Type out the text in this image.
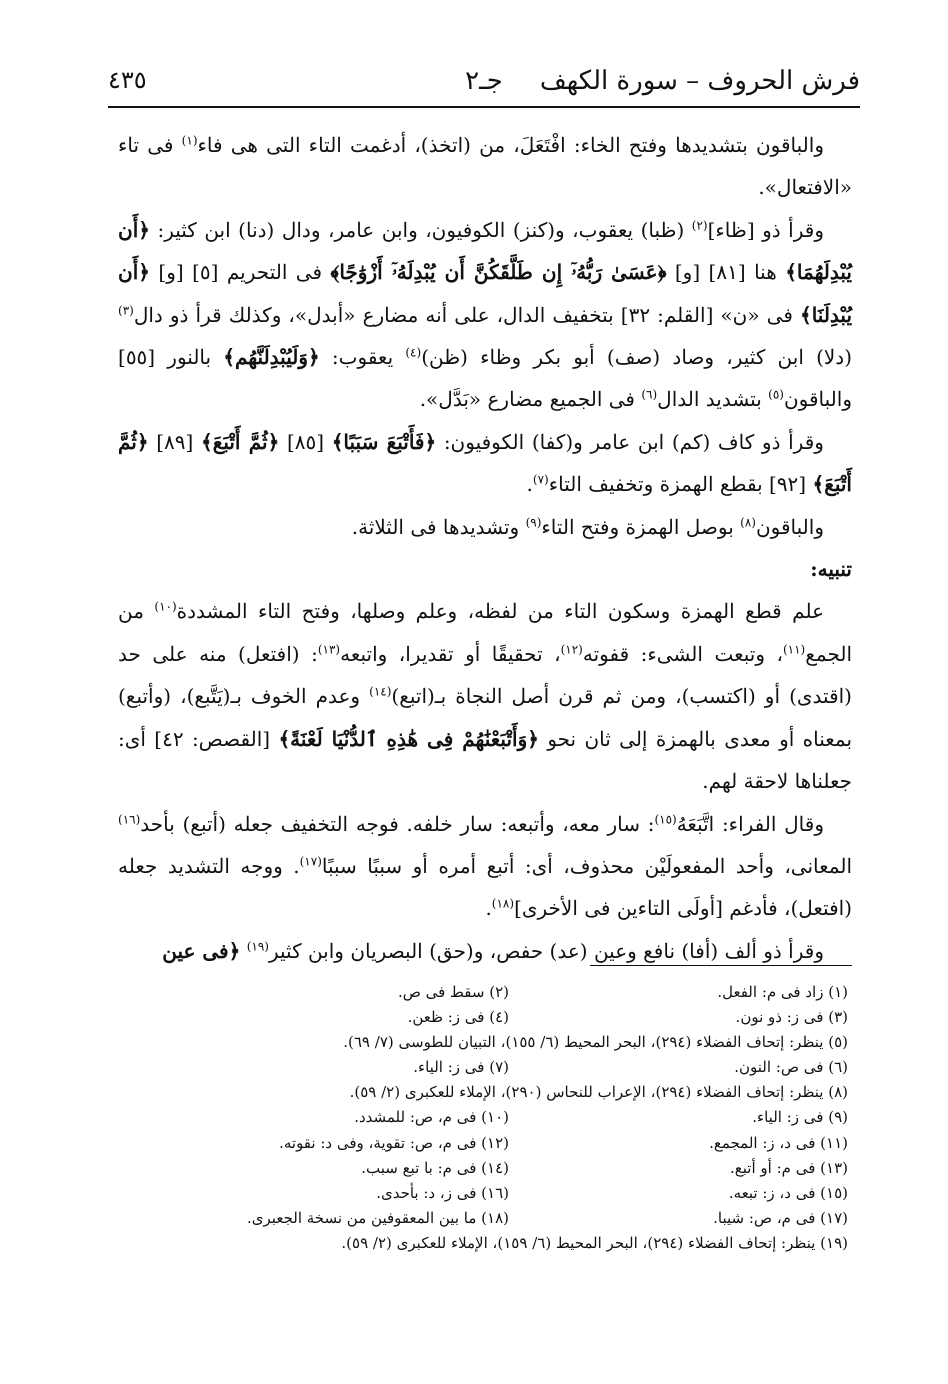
فرش الحروف – سورة الكهف
جـ٢
٤٣٥

والباقون بتشديدها وفتح الخاء: افْتَعَلَ، من (اتخذ)، أدغمت التاء التى هى فاء$^{(١)}$ فى تاء «الافتعال».

وقرأ ذو [ظاء]$^{(٢)}$ (ظبا) يعقوب، و(كنز) الكوفيون، وابن عامر، ودال (دنا) ابن كثير: ﴿أَن يُبْدِلَهُمَا﴾ هنا [٨١] [و] ﴿عَسَىٰ رَبُّهُۥٓ إِن طَلَّقَكُنَّ أَن يُبْدِلَهُۥٓ أَزْوَٰجًا﴾ فى التحريم [٥] [و] ﴿أَن يُبْدِلَنَا﴾ فى «ن» [القلم: ٣٢] بتخفيف الدال، على أنه مضارع «أبدل»، وكذلك قرأ ذو دال$^{(٣)}$ (دلا) ابن كثير، وصاد (صف) أبو بكر وظاء (ظن)$^{(٤)}$ يعقوب: ﴿وَلَيُبْدِلَنَّهُم﴾ بالنور [٥٥] والباقون$^{(٥)}$ بتشديد الدال$^{(٦)}$ فى الجميع مضارع «بَدَّل».

وقرأ ذو كاف (كم) ابن عامر و(كفا) الكوفيون: ﴿فَأَتْبَعَ سَبَبًا﴾ [٨٥] ﴿ثُمَّ أَتْبَعَ﴾ [٨٩] ﴿ثُمَّ أَتْبَعَ﴾ [٩٢] بقطع الهمزة وتخفيف التاء$^{(٧)}$.

والباقون$^{(٨)}$ بوصل الهمزة وفتح التاء$^{(٩)}$ وتشديدها فى الثلاثة.

تنبيه:

علم قطع الهمزة وسكون التاء من لفظه، وعلم وصلها، وفتح التاء المشددة$^{(١٠)}$ من الجمع$^{(١١)}$، وتبعت الشىء: قفوته$^{(١٢)}$، تحقيقًا أو تقديرا، واتبعه$^{(١٣)}$: (افتعل) منه على حد (اقتدى) أو (اكتسب)، ومن ثم قرن أصل النجاة بـ(اتبع)$^{(١٤)}$ وعدم الخوف بـ(يَتَّبع)، (وأتبع) بمعناه أو معدى بالهمزة إلى ثان نحو ﴿وَأَتْبَعْنَٰهُمْ فِى هَٰذِهِ ٱلدُّنْيَا لَعْنَةً﴾ [القصص: ٤٢] أى: جعلناها لاحقة لهم.

وقال الفراء: اتَّبَعَهُ$^{(١٥)}$: سار معه، وأتبعه: سار خلفه. فوجه التخفيف جعله (أتبع) بأحد$^{(١٦)}$ المعانى، وأحد المفعولَيْن محذوف، أى: أتبع أمره أو سببًا سببًا$^{(١٧)}$. ووجه التشديد جعله (افتعل)، فأدغم [أولَى التاءين فى الأخرى]$^{(١٨)}$.

وقرأ ذو ألف (أفا) نافع وعين (عد) حفص، و(حق) البصريان وابن كثير$^{(١٩)}$ ﴿فى عين

(١) زاد فى م: الفعل.
(٢) سقط فى ص.
(٣) فى ز: ذو نون.
(٤) فى ز: ظعن.
(٥) ينظر: إتحاف الفضلاء (٢٩٤)، البحر المحيط (٦/ ١٥٥)، التبيان للطوسى (٧/ ٦٩).
(٦) فى ص: النون.
(٧) فى ز: الياء.
(٨) ينظر: إتحاف الفضلاء (٢٩٤)، الإعراب للنحاس (٢٩٠)، الإملاء للعكبرى (٢/ ٥٩).
(٩) فى ز: الياء.
(١٠) فى م، ص: للمشدد.
(١١) فى د، ز: المجمع.
(١٢) فى م، ص: تقوية، وفى د: نقوته.
(١٣) فى م: أو أتبع.
(١٤) فى م: با تبع سبب.
(١٥) فى د، ز: تبعه.
(١٦) فى ز، د: بأحدى.
(١٧) فى م، ص: شيبا.
(١٨) ما بين المعقوفين من نسخة الجعبرى.
(١٩) ينظر: إتحاف الفضلاء (٢٩٤)، البحر المحيط (٦/ ١٥٩)، الإملاء للعكبرى (٢/ ٥٩).
